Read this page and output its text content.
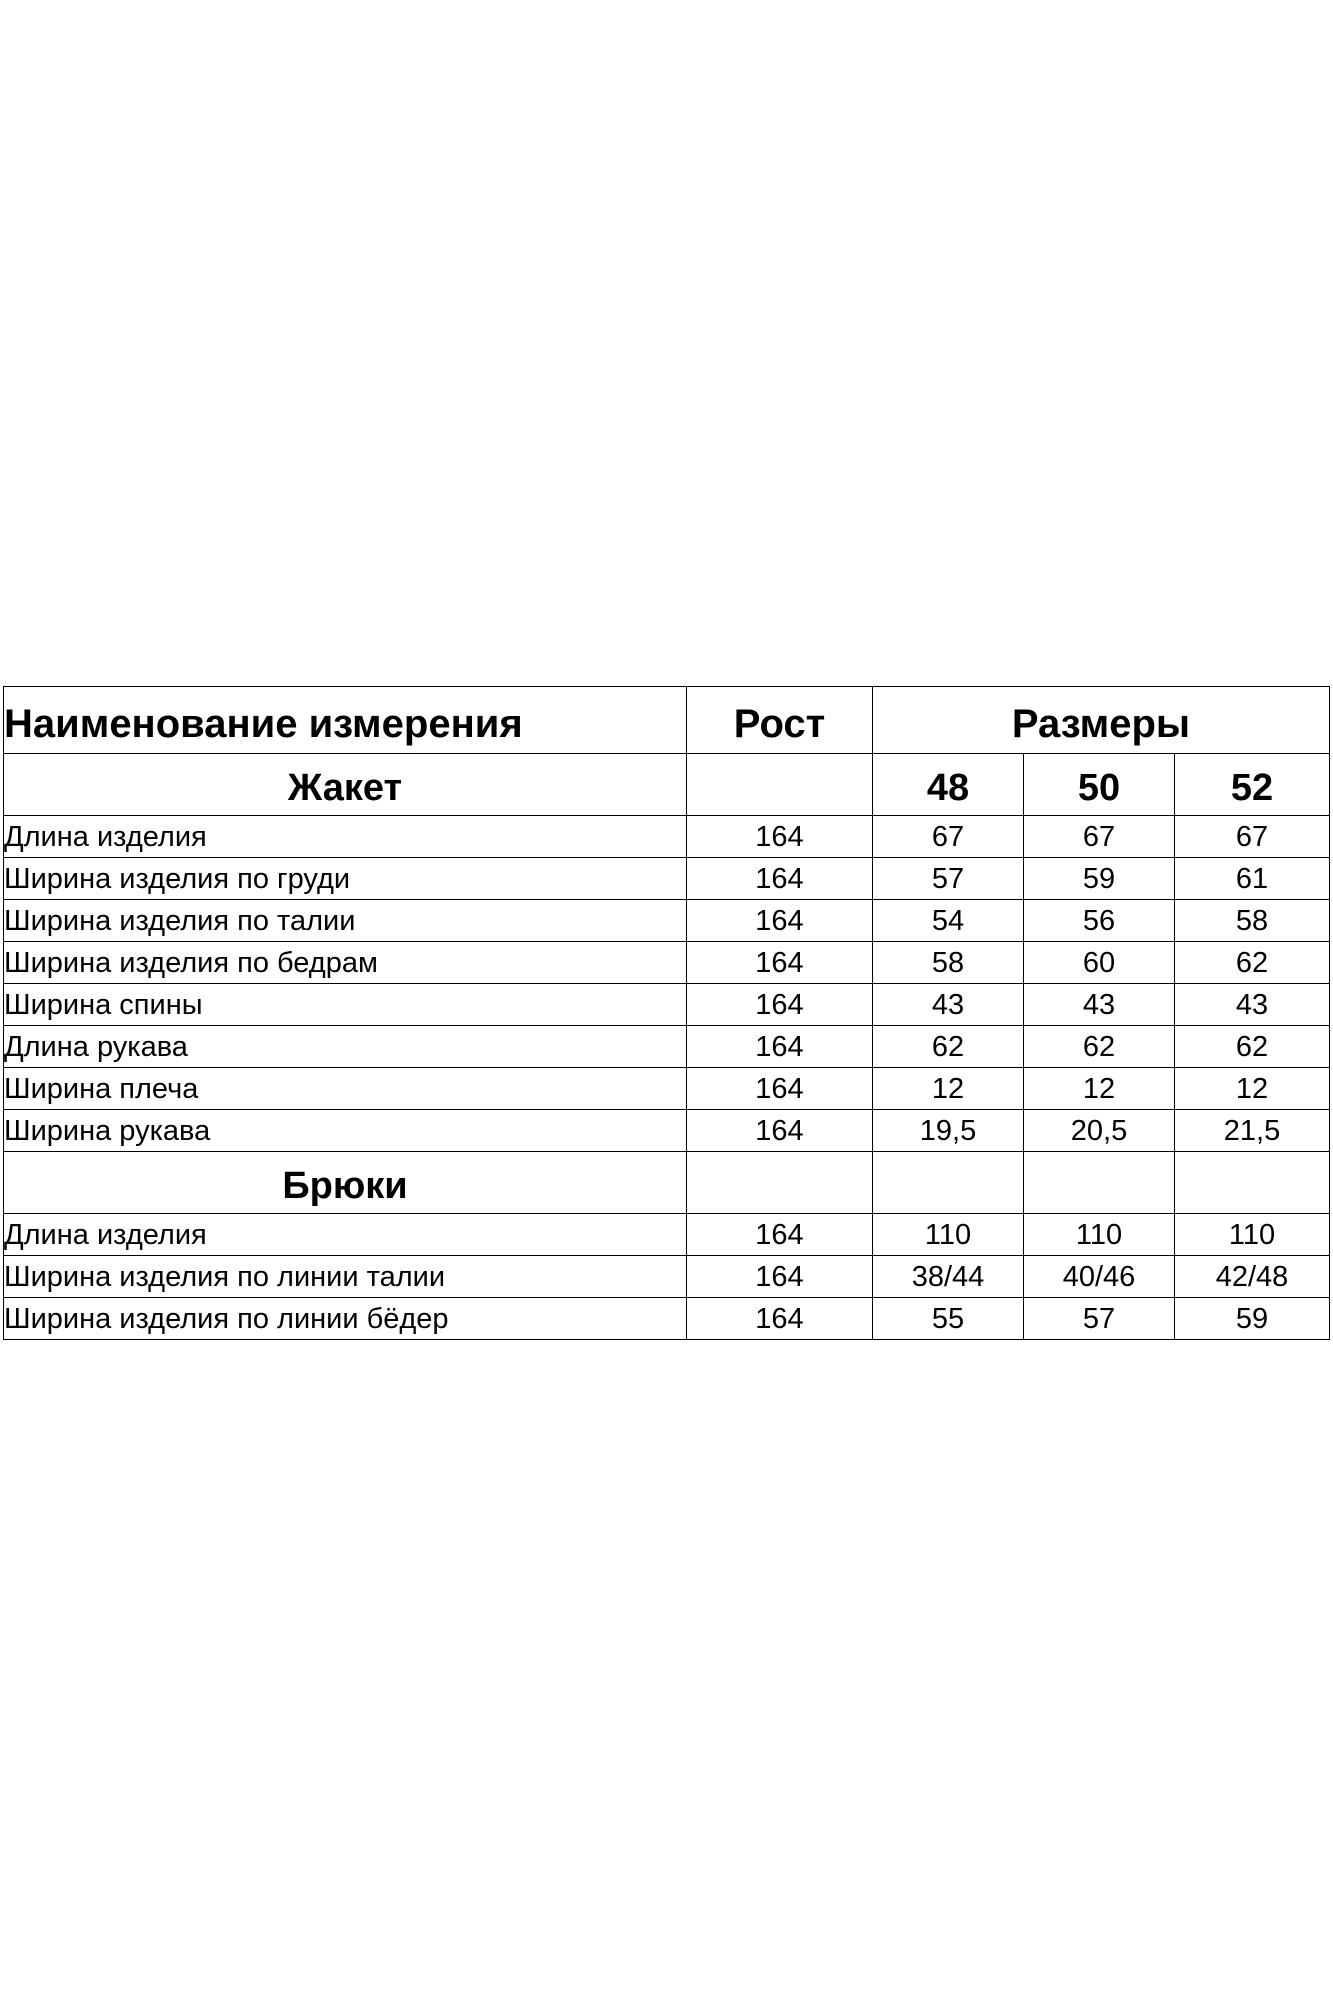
Наименование измерения	Рост	Размеры		
Жакет		48	50	52
Длина изделия	164	67	67	67
Ширина изделия по груди	164	57	59	61
Ширина изделия по талии	164	54	56	58
Ширина изделия по бедрам	164	58	60	62
Ширина спины	164	43	43	43
Длина рукава	164	62	62	62
Ширина плеча	164	12	12	12
Ширина рукава	164	19,5	20,5	21,5
Брюки				
Длина изделия	164	110	110	110
Ширина изделия по линии талии	164	38/44	40/46	42/48
Ширина изделия по линии бёдер	164	55	57	59
